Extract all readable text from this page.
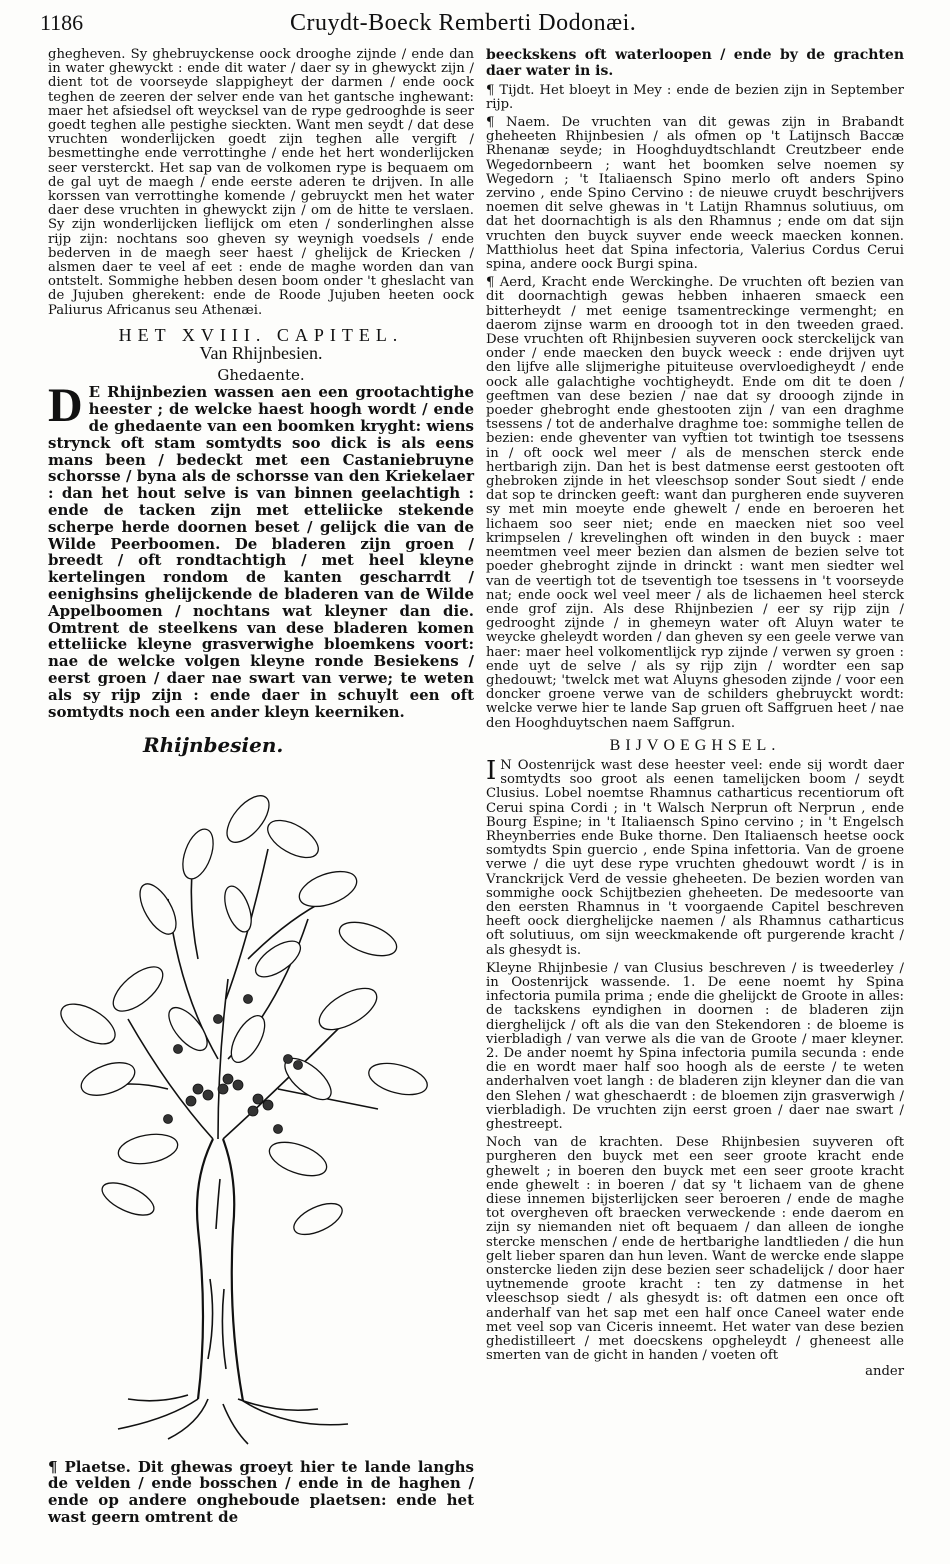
1186	Cruydt-Boeck Remberti Dodonæi.

ghegheven. Sy ghebruyckense oock drooghe zijnde / ende dan in water ghewyckt : ende dit water / daer sy in ghewyckt zijn / dient tot de voorseyde slappigheyt der darmen / ende oock teghen de zeeren der selver ende van het gantsche inghewant: maer het afsiedsel oft weycksel van de rype gedrooghde is seer goedt teghen alle pestighe sieckten. Want men seydt / dat dese vruchten wonderlijcken goedt zijn teghen alle vergift / besmettinghe ende verrottinghe / ende het hert wonderlijcken seer versterckt. Het sap van de volkomen rype is bequaem om de gal uyt de maegh / ende eerste aderen te drijven. In alle korssen van verrottinghe komende / gebruyckt men het water daer dese vruchten in ghewyckt zijn / om de hitte te verslaen. Sy zijn wonderlijcken lieflijck om eten / sonderlinghen alsse rijp zijn: nochtans soo gheven sy weynigh voedsels / ende bederven in de maegh seer haest / ghelijck de Kriecken / alsmen daer te veel af eet : ende de maghe worden dan van ontstelt. Sommighe hebben desen boom onder 't gheslacht van de Jujuben gherekent: ende de Roode Jujuben heeten oock Paliurus Africanus seu Athenæi.

HET XVIII. CAPITEL.
Van Rhijnbesien.
Ghedaente.
D E Rhijnbezien wassen aen een grootachtighe heester ; de welcke haest hoogh wordt / ende de ghedaente van een boomken kryght: wiens strynck oft stam somtydts soo dick is als eens mans been / bedeckt met een Castaniebruyne schorsse / byna als de schorsse van den Kriekelaer : dan het hout selve is van binnen geelachtigh : ende de tacken zijn met etteliicke stekende scherpe herde doornen beset / gelijck die van de Wilde Peerboomen. De bladeren zijn groen / breedt / oft rondtachtigh / met heel kleyne kertelingen rondom de kanten gescharrdt / eenighsins ghelijckende de bladeren van de Wilde Appelboomen / nochtans wat kleyner dan die. Omtrent de steelkens van dese bladeren komen etteliicke kleyne grasverwighe bloemkens voort: nae de welcke volgen kleyne ronde Besiekens / eerst groen / daer nae swart van verwe; te weten als sy rijp zijn : ende daer in schuylt een oft somtydts noch een ander kleyn keerniken.
Rhijnbesien.

¶ Plaetse. Dit ghewas groeyt hier te lande langhs de velden / ende bosschen / ende in de haghen / ende op andere ongheboude plaetsen: ende het wast geern omtrent de

beeckskens oft waterloopen / ende by de grachten daer water in is.

¶ Tijdt. Het bloeyt in Mey : ende de bezien zijn in September rijp.

¶ Naem. De vruchten van dit gewas zijn in Brabandt gheheeten Rhijnbesien / als ofmen op 't Latijnsch Baccæ Rhenanæ seyde; in Hooghduydtschlandt Creutzbeer ende Wegedornbeern ; want het boomken selve noemen sy Wegedorn ; 't Italiaensch Spino merlo oft anders Spino zervino , ende Spino Cervino : de nieuwe cruydt beschrijvers noemen dit selve ghewas in 't Latijn Rhamnus solutiuus, om dat het doornachtigh is als den Rhamnus ; ende om dat sijn vruchten den buyck suyver ende weeck maecken konnen. Matthiolus heet dat Spina infectoria, Valerius Cordus Cerui spina, andere oock Burgi spina.

¶ Aerd, Kracht ende Werckinghe. De vruchten oft bezien van dit doornachtigh gewas hebben inhaeren smaeck een bitterheydt / met eenige tsamentreckinge vermenght; en daerom zijnse warm en drooogh tot in den tweeden graed. Dese vruchten oft Rhijnbesien suyveren oock sterckelijck van onder / ende maecken den buyck weeck : ende drijven uyt den lijfve alle slijmerighe pituiteuse overvloedigheydt / ende oock alle galachtighe vochtigheydt. Ende om dit te doen / geeftmen van dese bezien / nae dat sy drooogh zijnde in poeder ghebroght ende ghestooten zijn / van een draghme tsessens / tot de anderhalve draghme toe: sommighe tellen de bezien: ende gheventer van vyftien tot twintigh toe tsessens in / oft oock wel meer / als de menschen sterck ende hertbarigh zijn. Dan het is best datmense eerst gestooten oft ghebroken zijnde in het vleeschsop sonder Sout siedt / ende dat sop te drincken geeft: want dan purgheren ende suyveren sy met min moeyte ende ghewelt / ende en beroeren het lichaem soo seer niet; ende en maecken niet soo veel krimpselen / krevelinghen oft winden in den buyck : maer neemtmen veel meer bezien dan alsmen de bezien selve tot poeder ghebroght zijnde in drinckt : want men siedter wel van de veertigh tot de tseventigh toe tsessens in 't voorseyde nat; ende oock wel veel meer / als de lichaemen heel sterck ende grof zijn. Als dese Rhijnbezien / eer sy rijp zijn / gedrooght zijnde / in ghemeyn water oft Aluyn water te weycke gheleydt worden / dan gheven sy een geele verwe van haer: maer heel volkomentlijck ryp zijnde / verwen sy groen : ende uyt de selve / als sy rijp zijn / wordter een sap ghedouwt; 'twelck met wat Aluyns ghesoden zijnde / voor een doncker groene verwe van de schilders ghebruyckt wordt: welcke verwe hier te lande Sap gruen oft Saffgruen heet / nae den Hooghduytschen naem Saffgrun.

BIJVOEGHSEL.

I N Oostenrijck wast dese heester veel: ende sij wordt daer somtydts soo groot als eenen tamelijcken boom / seydt Clusius. Lobel noemtse Rhamnus catharticus recentiorum oft Cerui spina Cordi ; in 't Walsch Nerprun oft Nerprun , ende Bourg Espine; in 't Italiaensch Spino cervino ; in 't Engelsch Rheynberries ende Buke thorne. Den Italiaensch heetse oock somtydts Spin guercio , ende Spina infettoria. Van de groene verwe / die uyt dese rype vruchten ghedouwt wordt / is in Vranckrijck Verd de vessie gheheeten. De bezien worden van sommighe oock Schijtbezien gheheeten. De medesoorte van den eersten Rhamnus in 't voorgaende Capitel beschreven heeft oock dierghelijcke naemen / als Rhamnus catharticus oft solutiuus, om sijn weeckmakende oft purgerende kracht / als ghesydt is.

Kleyne Rhijnbesie / van Clusius beschreven / is tweederley / in Oostenrijck wassende. 1. De eene noemt hy Spina infectoria pumila prima ; ende die ghelijckt de Groote in alles: de tackskens eyndighen in doornen : de bladeren zijn dierghelijck / oft als die van den Stekendoren : de bloeme is vierbladigh / van verwe als die van de Groote / maer kleyner. 2. De ander noemt hy Spina infectoria pumila secunda : ende die en wordt maer half soo hoogh als de eerste / te weten anderhalven voet langh : de bladeren zijn kleyner dan die van den Slehen / wat gheschaerdt : de bloemen zijn grasverwigh / vierbladigh. De vruchten zijn eerst groen / daer nae swart / ghestreept.

Noch van de krachten. Dese Rhijnbesien suyveren oft purgheren den buyck met een seer groote kracht ende ghewelt ; in boeren den buyck met een seer groote kracht ende ghewelt : in boeren / dat sy 't lichaem van de ghene diese innemen bijsterlijcken seer beroeren / ende de maghe tot overgheven oft braecken verweckende : ende daerom en zijn sy niemanden niet oft bequaem / dan alleen de ionghe stercke menschen / ende de hertbarighe landtlieden / die hun gelt lieber sparen dan hun leven. Want de wercke ende slappe onstercke lieden zijn dese bezien seer schadelijck / door haer uytnemende groote kracht : ten zy datmense in het vleeschsop siedt / als ghesydt is: oft datmen een once oft anderhalf van het sap met een half once Caneel water ende met veel sop van Ciceris inneemt. Het water van dese bezien ghedistilleert / met doecskens opgheleydt / gheneest alle smerten van de gicht in handen / voeten oft

ander
